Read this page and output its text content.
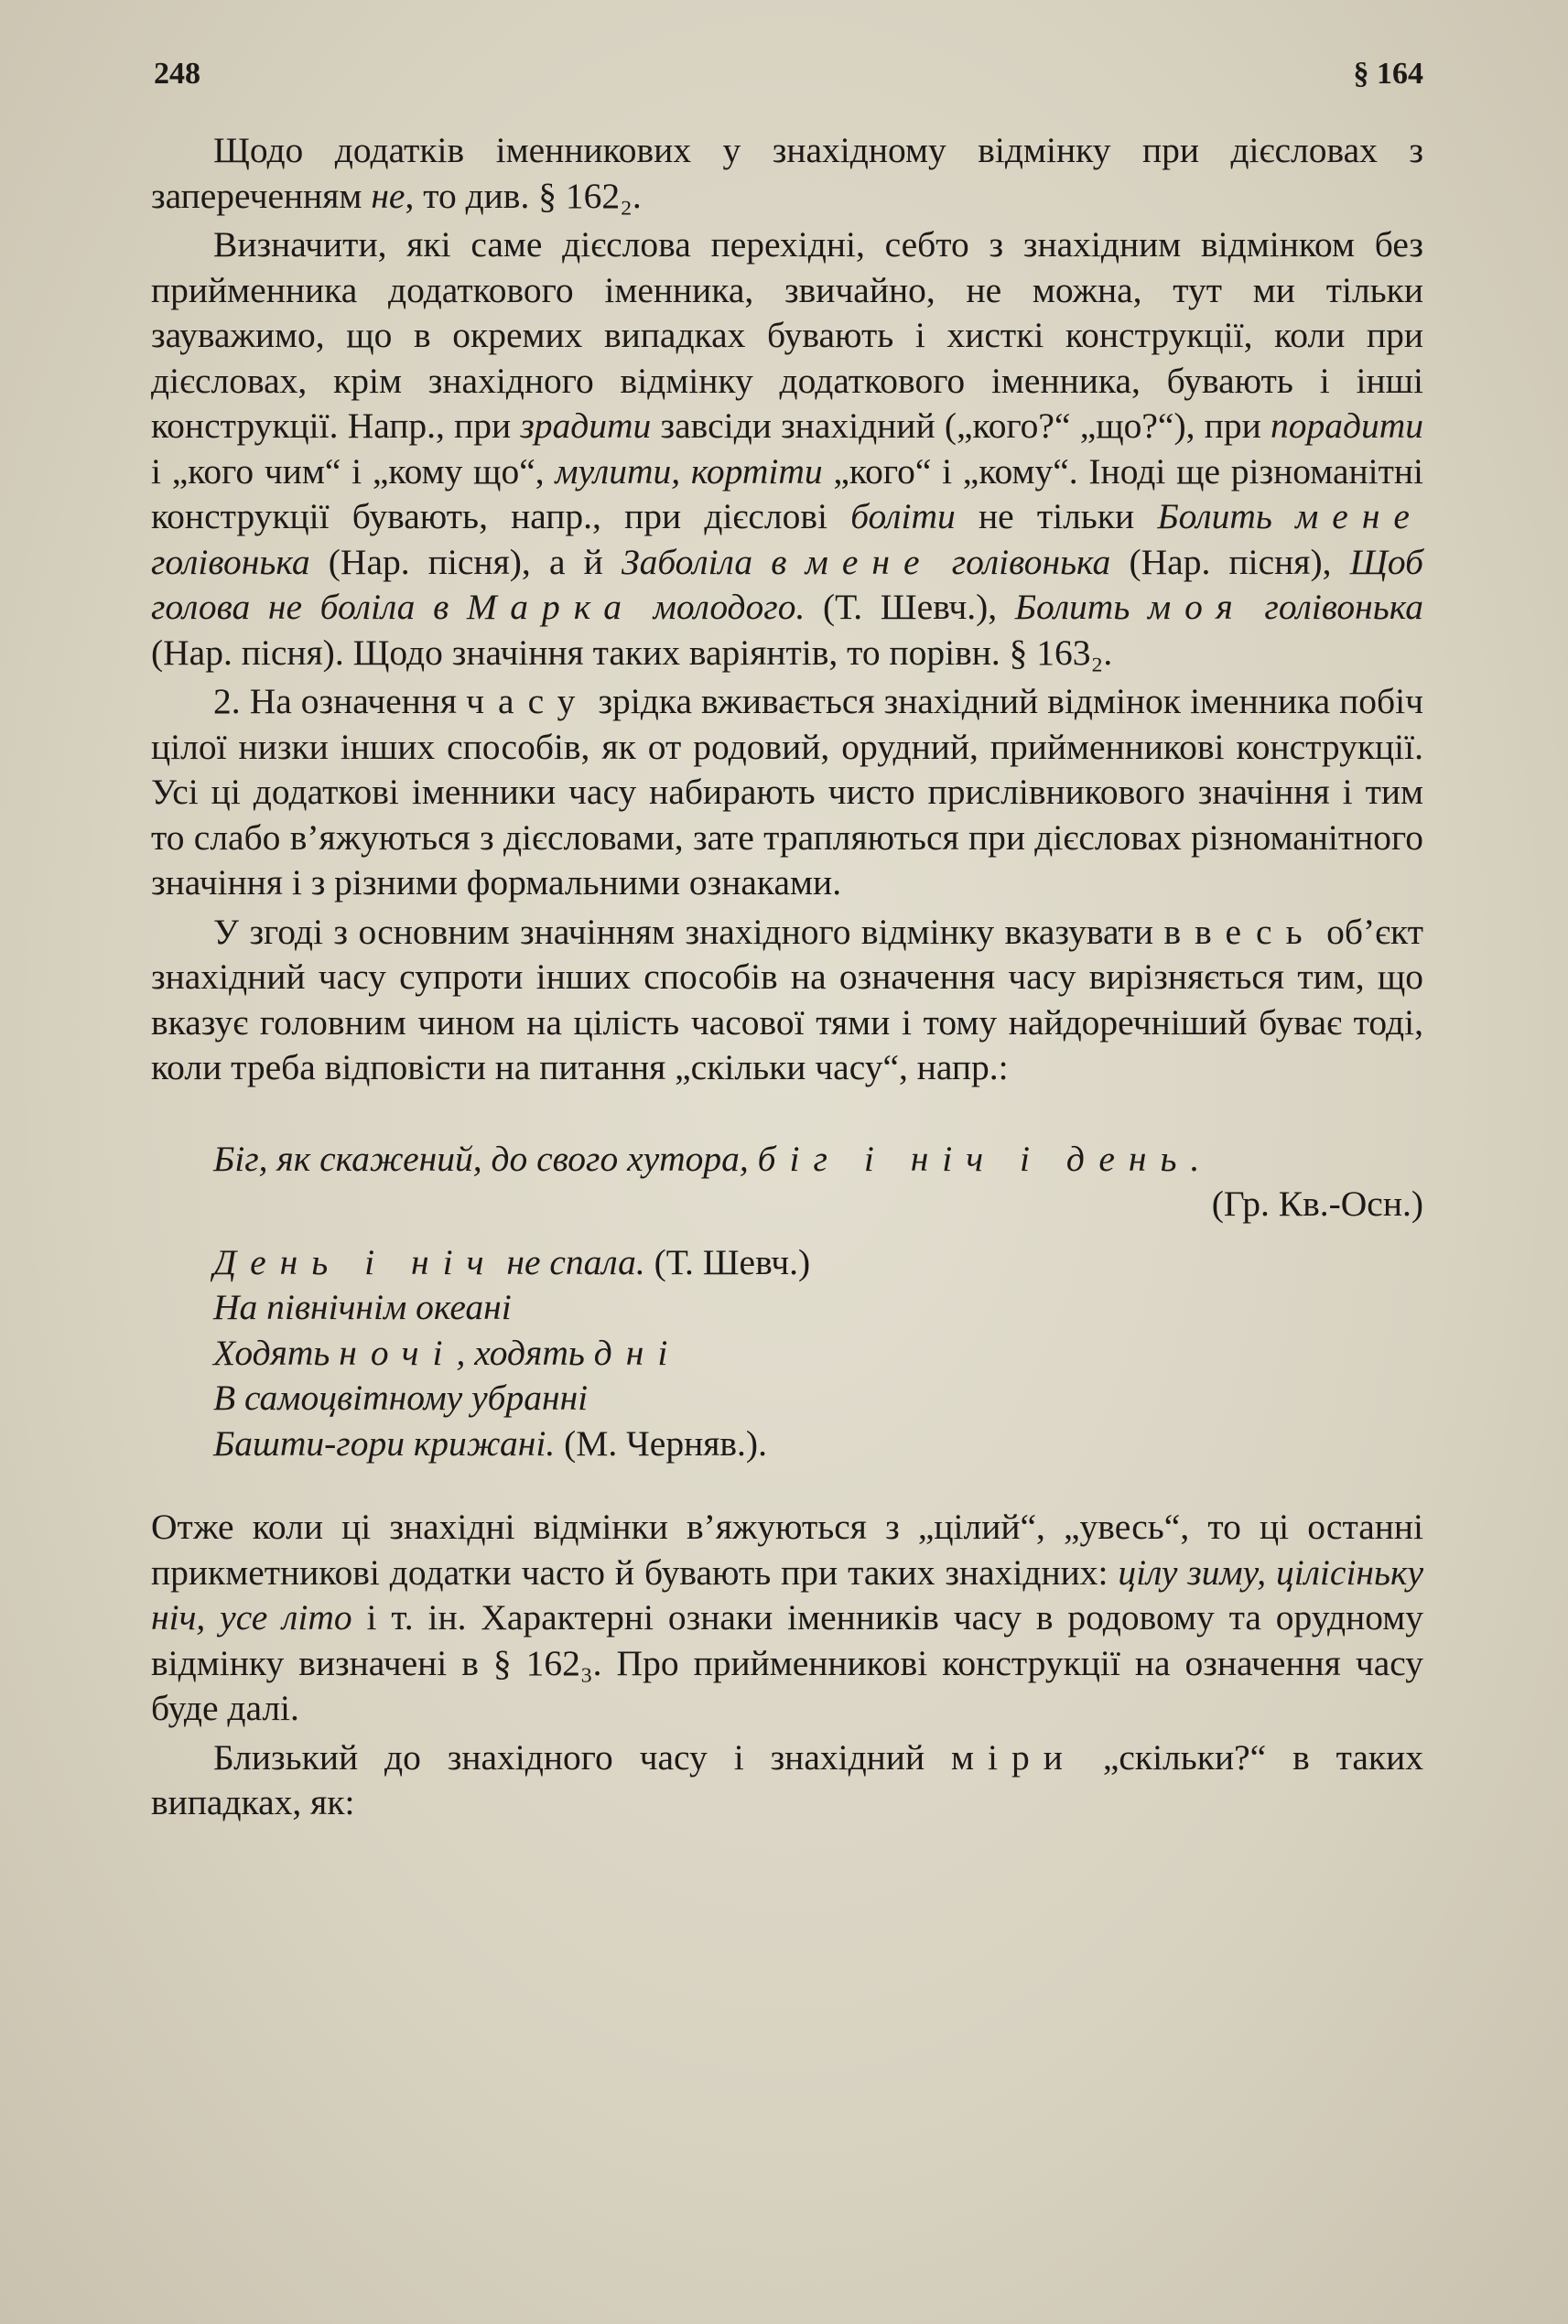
248	§ 164

Щодо додатків іменникових у знахідному відмінку при дієсловах з запереченням не, то див. § 162₂.

Визначити, які саме дієслова перехідні, себто з знахідним відмінком без прийменника додаткового іменника, звичайно, не можна, тут ми тільки зауважимо, що в окремих випадках бувають і хисткі конструкції, коли при дієсловах, крім знахідного відмінку додаткового іменника, бувають і інші конструкції. Напр., при зрадити завсіди знахідний („кого?“ „що?“), при порадити і „кого чим“ і „кому що“, мулити, кортіти „кого“ і „кому“. Іноді ще різноманітні конструкції бувають, напр., при дієслові боліти не тільки Болить мене голівонька (Нар. пісня), а й Заболіла в мене голівонька (Нар. пісня), Щоб голова не боліла в Марка молодого. (Т. Шевч.), Болить моя голівонька (Нар. пісня). Щодо значіння таких варіянтів, то порівн. § 163₂.

2. На означення часу зрідка вживається знахідний відмінок іменника побіч цілої низки інших способів, як от родовий, орудний, прийменникові конструкції. Усі ці додаткові іменники часу набирають чисто прислівникового значіння і тим то слабо в’яжуються з дієсловами, зате трапляються при дієсловах різноманітного значіння і з різними формальними ознаками.

У згоді з основним значінням знахідного відмінку вказувати ввесь об’єкт знахідний часу супроти інших способів на означення часу вирізняється тим, що вказує головним чином на цілість часової тями і тому найдоречніший буває тоді, коли треба відповісти на питання „скільки часу“, напр.:

Біг, як скажений, до свого хутора, біг і ніч і день.
(Гр. Кв.-Осн.)
День і ніч не спала. (Т. Шевч.)
На північнім океані
Ходять ночі, ходять дні
В самоцвітному убранні
Башти-гори крижані. (М. Черняв.).

Отже коли ці знахідні відмінки в’яжуються з „цілий“, „увесь“, то ці останні прикметникові додатки часто й бувають при таких знахідних: цілу зиму, цілісіньку ніч, усе літо і т. ін. Характерні ознаки іменників часу в родовому та орудному відмінку визначені в § 162₃. Про прийменникові конструкції на означення часу буде далі.

Близький до знахідного часу і знахідний міри „скільки?“ в таких випадках, як:
